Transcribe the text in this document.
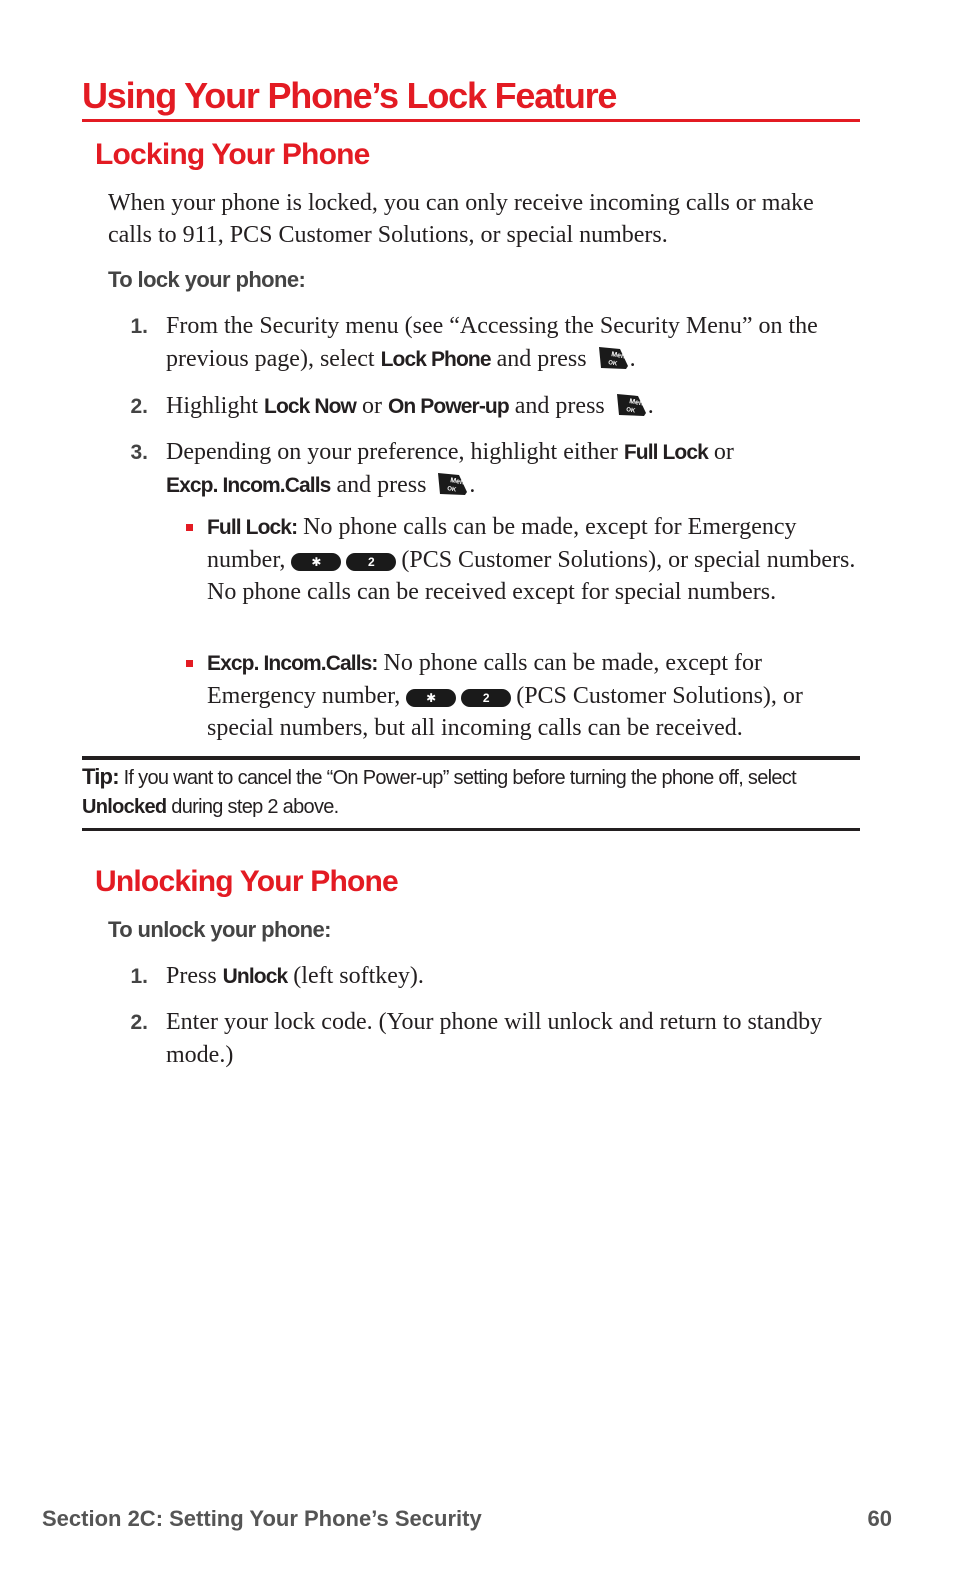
Using Your Phone’s Lock Feature
Locking Your Phone
When your phone is locked, you can only receive incoming calls or make calls to 911, PCS Customer Solutions, or special numbers.
To lock your phone:
1. From the Security menu (see “Accessing the Security Menu” on the previous page), select Lock Phone and press	Menu
OK .
2. Highlight Lock Now or On Power-up and press	Menu
OK .
3. Depending on your preference, highlight either Full Lock or
Excp. Incom.Calls and press	Menu
OK .
Full Lock: No phone calls can be made, except for Emergency number, ✱	2 (PCS Customer Solutions), or special numbers. No phone calls can be received except for special numbers.
Excp. Incom.Calls: No phone calls can be made, except for Emergency number, ✱	2 (PCS Customer Solutions), or special numbers, but all incoming calls can be received.
Tip: If you want to cancel the “On Power-up” setting before turning the phone off, select Unlocked during step 2 above.
Unlocking Your Phone
To unlock your phone:
1. Press Unlock (left softkey).
2. Enter your lock code. (Your phone will unlock and return to standby mode.)
Section 2C: Setting Your Phone’s Security	60
